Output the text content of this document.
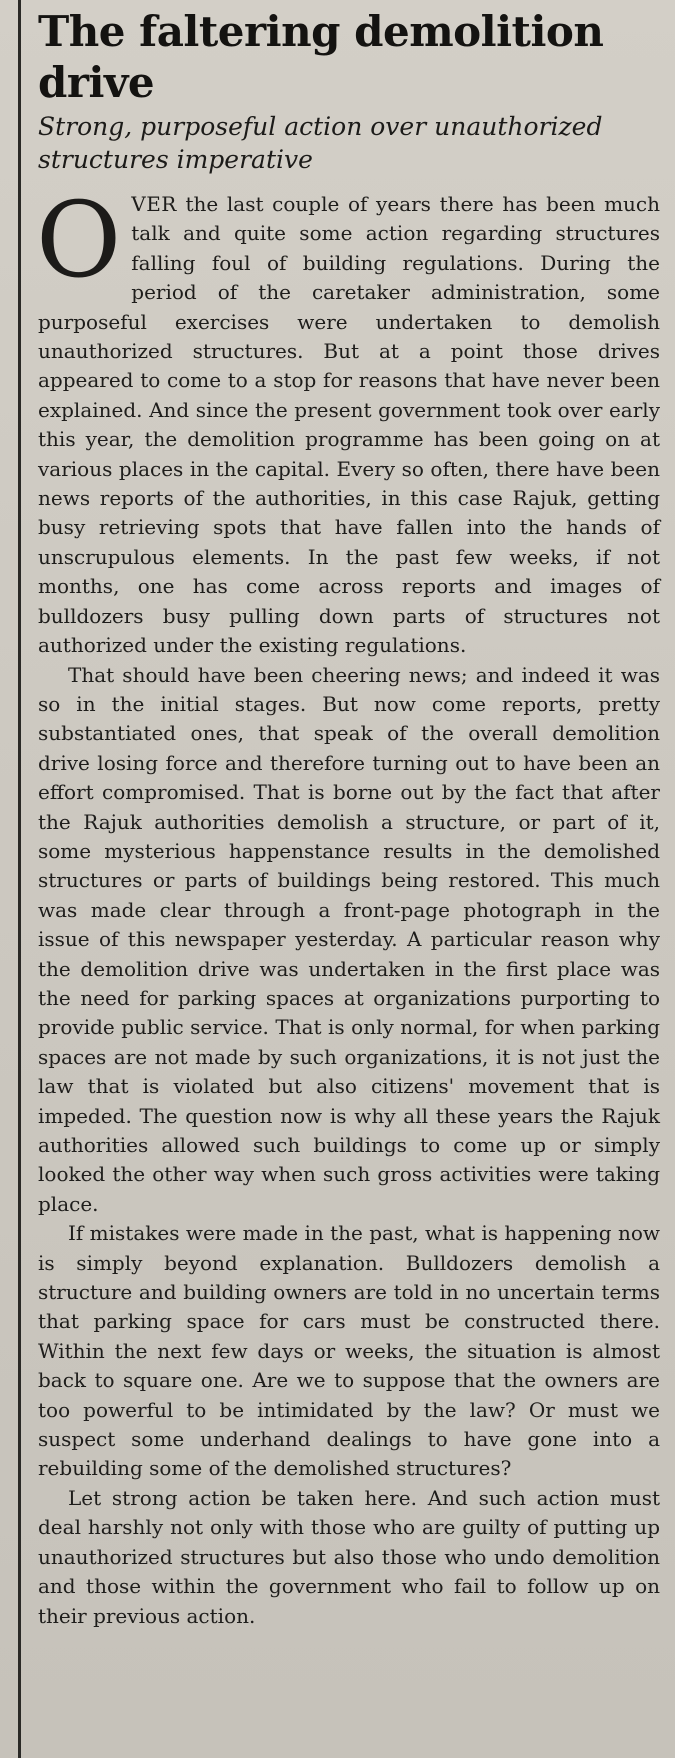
The faltering demolition drive
Strong, purposeful action over unauthorized structures imperative

OVER the last couple of years there has been much talk and quite some action regarding structures falling foul of building regulations. During the period of the caretaker administration, some purposeful exercises were undertaken to demolish unauthorized structures. But at a point those drives appeared to come to a stop for reasons that have never been explained. And since the present government took over early this year, the demolition programme has been going on at various places in the capital. Every so often, there have been news reports of the authorities, in this case Rajuk, getting busy retrieving spots that have fallen into the hands of unscrupulous elements. In the past few weeks, if not months, one has come across reports and images of bulldozers busy pulling down parts of structures not authorized under the existing regulations.

That should have been cheering news; and indeed it was so in the initial stages. But now come reports, pretty substantiated ones, that speak of the overall demolition drive losing force and therefore turning out to have been an effort compromised. That is borne out by the fact that after the Rajuk authorities demolish a structure, or part of it, some mysterious happenstance results in the demolished structures or parts of buildings being restored. This much was made clear through a front-page photograph in the issue of this newspaper yesterday. A particular reason why the demolition drive was undertaken in the first place was the need for parking spaces at organizations purporting to provide public service. That is only normal, for when parking spaces are not made by such organizations, it is not just the law that is violated but also citizens' movement that is impeded. The question now is why all these years the Rajuk authorities allowed such buildings to come up or simply looked the other way when such gross activities were taking place.

If mistakes were made in the past, what is happening now is simply beyond explanation. Bulldozers demolish a structure and building owners are told in no uncertain terms that parking space for cars must be constructed there. Within the next few days or weeks, the situation is almost back to square one. Are we to suppose that the owners are too powerful to be intimidated by the law? Or must we suspect some underhand dealings to have gone into a rebuilding some of the demolished structures?

Let strong action be taken here. And such action must deal harshly not only with those who are guilty of putting up unauthorized structures but also those who undo demolition and those within the government who fail to follow up on their previous action.
